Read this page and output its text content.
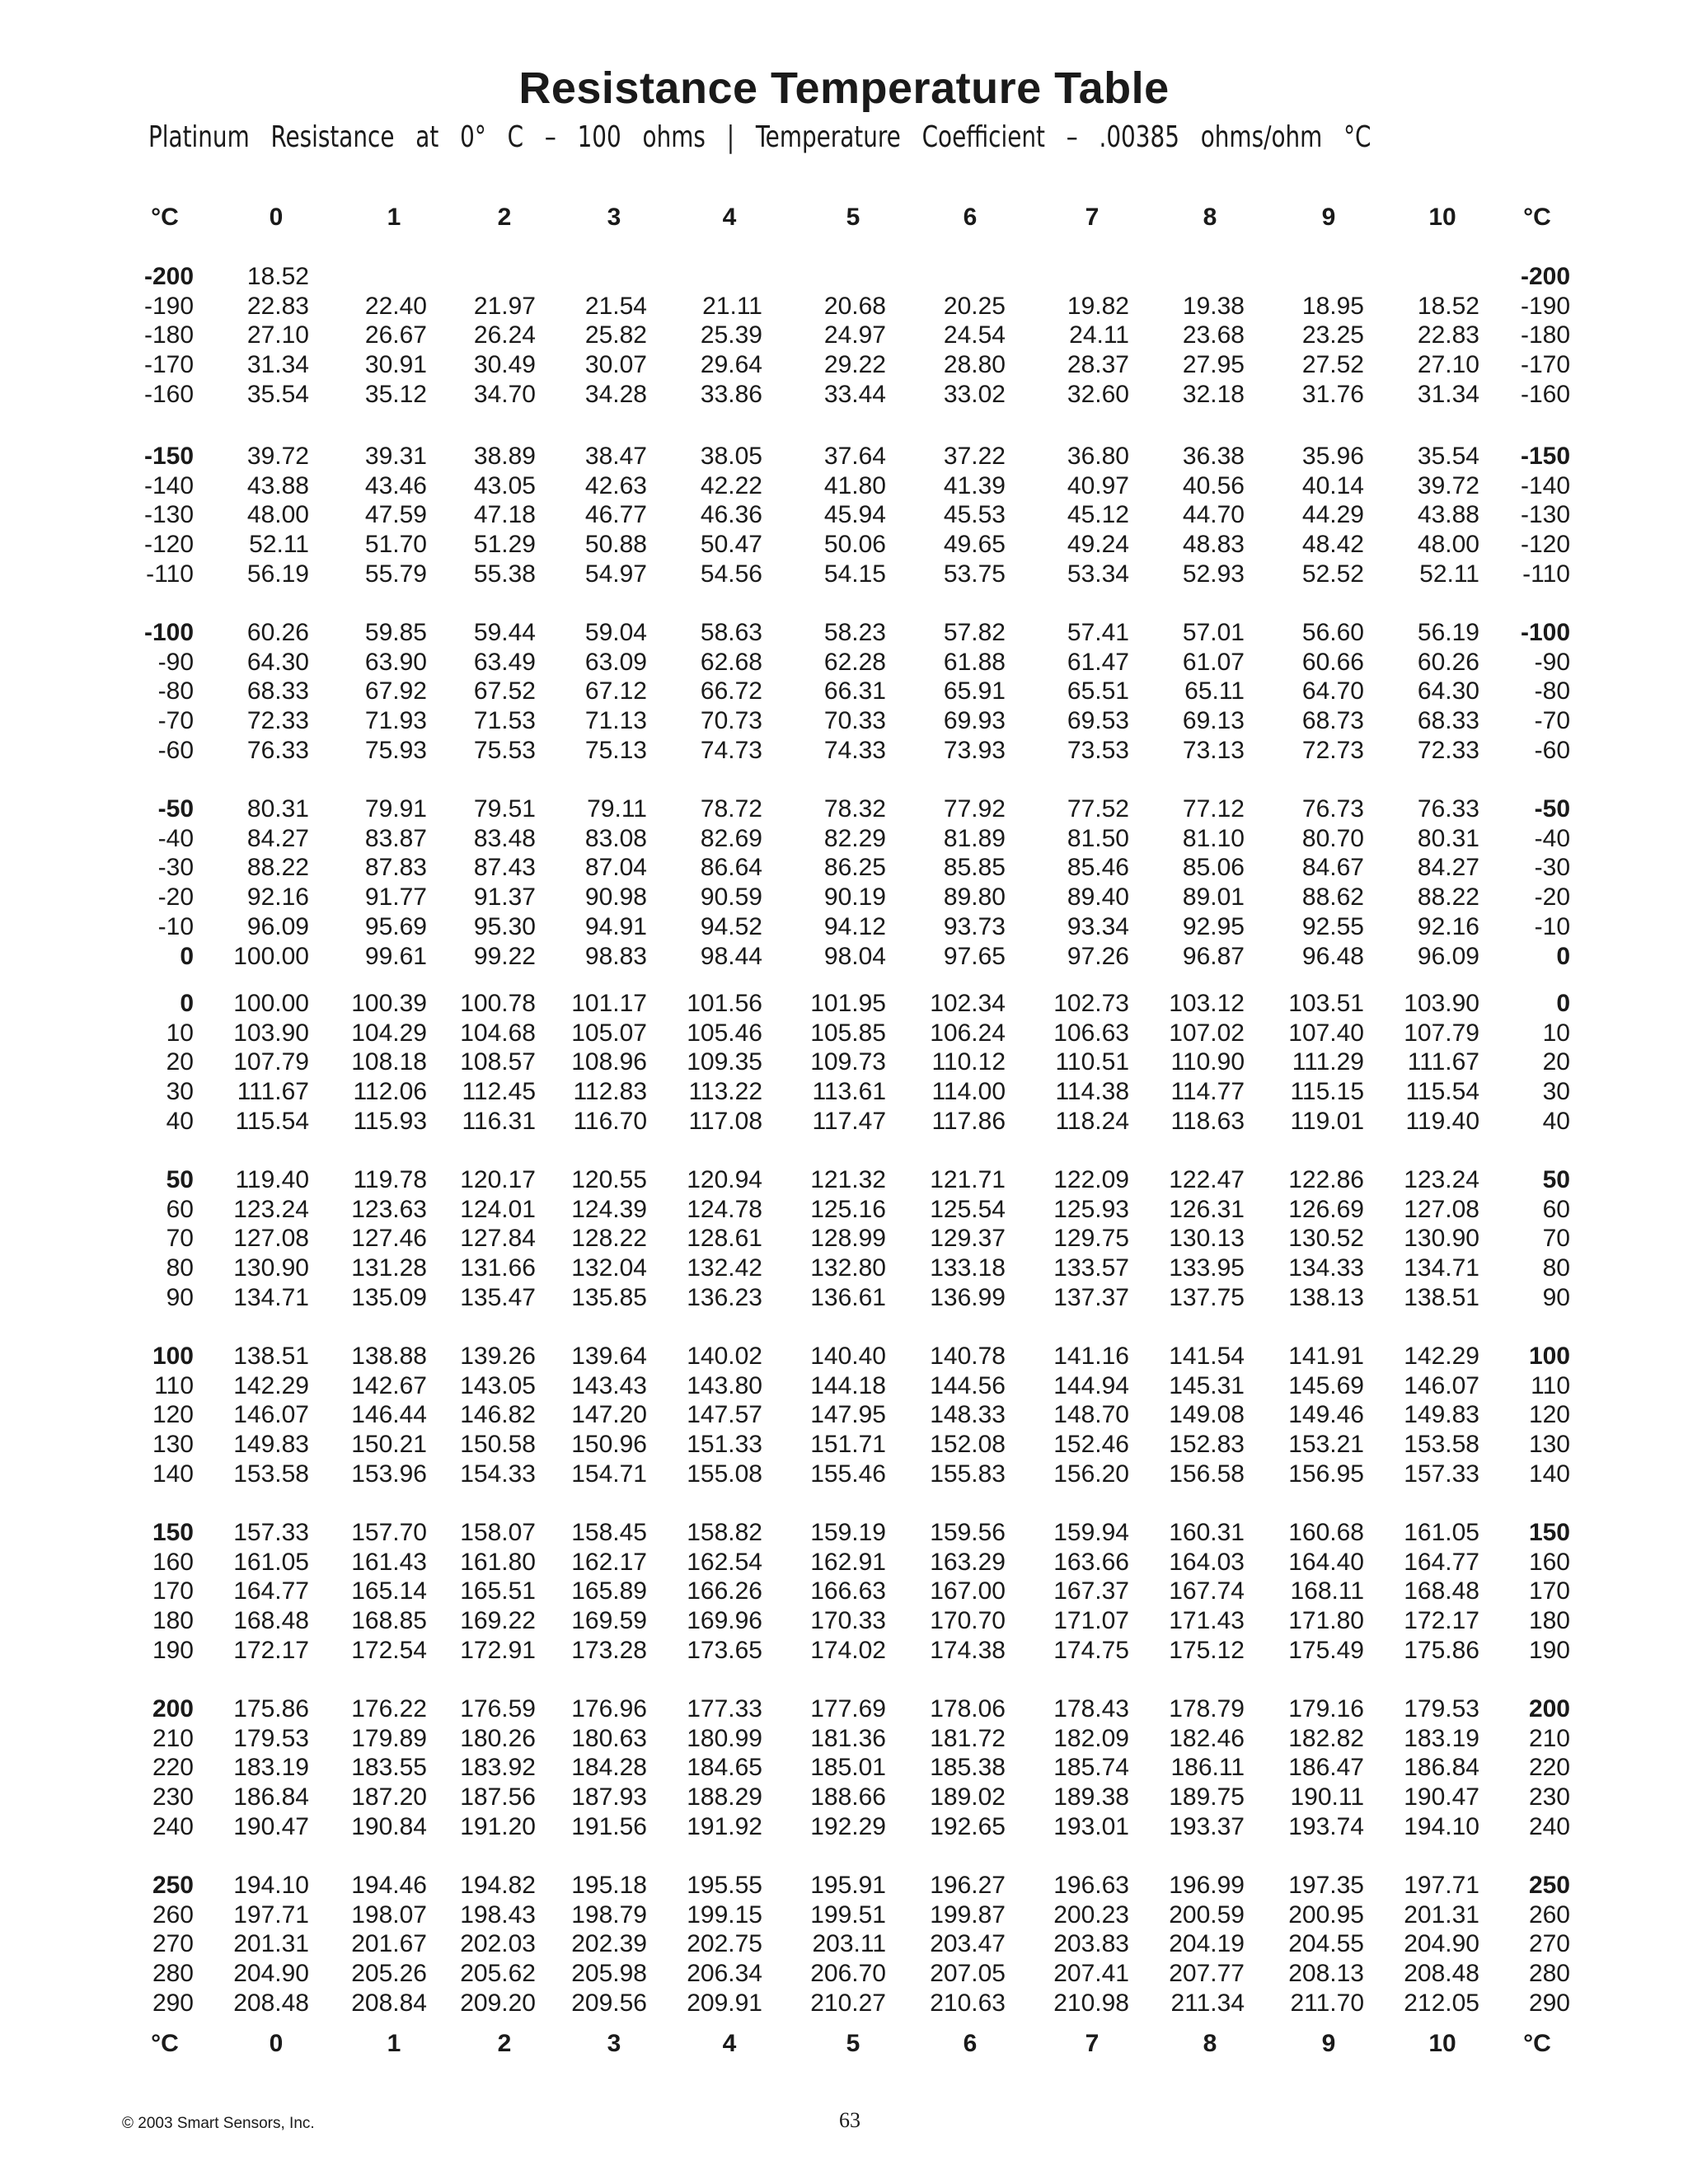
Resistance Temperature Table
Platinum Resistance at 0° C – 100 ohms | Temperature Coefficient – .00385 ohms/ohm °C
°C	0	1	2	3	4	5	6	7	8	9	10	°C
-200 18.52	-200
-190 22.83 22.40 21.97 21.54 21.11 20.68 20.25 19.82 19.38 18.95 18.52 -190
-180 27.10 26.67 26.24 25.82 25.39 24.97 24.54	24.11 23.68 23.25 22.83 -180
-170 31.34 30.91 30.49 30.07 29.64 29.22 28.80 28.37 27.95 27.52 27.10 -170
-160 35.54 35.12 34.70 34.28 33.86 33.44 33.02 32.60 32.18 31.76 31.34 -160
-150 39.72 39.31 38.89 38.47 38.05 37.64 37.22 36.80 36.38 35.96 35.54 -150
-140 43.88 43.46 43.05 42.63 42.22 41.80 41.39 40.97 40.56 40.14 39.72 -140
-130 48.00 47.59 47.18 46.77 46.36 45.94 45.53 45.12 44.70 44.29 43.88 -130
-120 52.11 51.70 51.29 50.88 50.47 50.06 49.65 49.24 48.83 48.42 48.00 -120
-110 56.19 55.79 55.38 54.97 54.56 54.15 53.75 53.34 52.93 52.52 52.11 -110
-100 60.26 59.85 59.44 59.04 58.63 58.23 57.82 57.41 57.01 56.60 56.19 -100
-90 64.30 63.90 63.49 63.09 62.68 62.28 61.88 61.47 61.07 60.66 60.26 -90
-80 68.33 67.92 67.52 67.12 66.72 66.31 65.91 65.51 65.11 64.70 64.30 -80
-70 72.33 71.93 71.53 71.13 70.73 70.33 69.93 69.53 69.13 68.73 68.33 -70
-60 76.33 75.93 75.53 75.13 74.73 74.33 73.93 73.53 73.13 72.73 72.33 -60
-50 80.31 79.91 79.51 79.11 78.72 78.32 77.92 77.52 77.12 76.73 76.33 -50
-40 84.27 83.87 83.48 83.08 82.69 82.29 81.89 81.50 81.10 80.70 80.31 -40
-30 88.22 87.83 87.43 87.04 86.64 86.25 85.85 85.46 85.06 84.67 84.27 -30
-20 92.16 91.77 91.37 90.98 90.59 90.19 89.80 89.40 89.01 88.62 88.22 -20
-10 96.09 95.69 95.30 94.91 94.52 94.12 93.73 93.34 92.95 92.55 92.16 -10
0 100.00 99.61 99.22 98.83 98.44 98.04 97.65 97.26 96.87 96.48 96.09	0
0 100.00 100.39 100.78 101.17 101.56 101.95 102.34 102.73 103.12 103.51 103.90	0
10 103.90 104.29 104.68 105.07 105.46 105.85 106.24 106.63 107.02 107.40 107.79	10
20 107.79 108.18 108.57 108.96 109.35 109.73 110.12 110.51 110.90 111.29 111.67	20
30 111.67 112.06 112.45 112.83 113.22 113.61 114.00 114.38 114.77 115.15 115.54	30
40 115.54 115.93 116.31 116.70 117.08 117.47 117.86 118.24 118.63 119.01 119.40	40
50 119.40 119.78 120.17 120.55 120.94 121.32 121.71 122.09 122.47 122.86 123.24	50
60 123.24 123.63 124.01 124.39 124.78 125.16 125.54 125.93 126.31 126.69 127.08	60
70 127.08 127.46 127.84 128.22 128.61 128.99 129.37 129.75 130.13 130.52 130.90	70
80 130.90 131.28 131.66 132.04 132.42 132.80 133.18 133.57 133.95 134.33 134.71	80
90 134.71 135.09 135.47 135.85 136.23 136.61 136.99 137.37 137.75 138.13 138.51	90
100 138.51 138.88 139.26 139.64 140.02 140.40 140.78 141.16 141.54 141.91 142.29 100
110 142.29 142.67 143.05 143.43 143.80 144.18 144.56 144.94 145.31 145.69 146.07 110
120 146.07 146.44 146.82 147.20 147.57 147.95 148.33 148.70 149.08 149.46 149.83 120
130 149.83 150.21 150.58 150.96 151.33 151.71 152.08 152.46 152.83 153.21 153.58 130
140 153.58 153.96 154.33 154.71 155.08 155.46 155.83 156.20 156.58 156.95 157.33 140
150 157.33 157.70 158.07 158.45 158.82 159.19 159.56 159.94 160.31 160.68 161.05 150
160 161.05 161.43 161.80 162.17 162.54 162.91 163.29 163.66 164.03 164.40 164.77 160
170 164.77 165.14 165.51 165.89 166.26 166.63 167.00 167.37 167.74 168.11 168.48 170
180 168.48 168.85 169.22 169.59 169.96 170.33 170.70 171.07 171.43 171.80 172.17 180
190 172.17 172.54 172.91 173.28 173.65 174.02 174.38 174.75 175.12 175.49 175.86 190
200 175.86 176.22 176.59 176.96 177.33 177.69 178.06 178.43 178.79 179.16 179.53 200
210 179.53 179.89 180.26 180.63 180.99 181.36 181.72 182.09 182.46 182.82 183.19 210
220 183.19 183.55 183.92 184.28 184.65 185.01 185.38 185.74 186.11 186.47 186.84 220
230 186.84 187.20 187.56 187.93 188.29 188.66 189.02 189.38 189.75 190.11 190.47 230
240 190.47 190.84 191.20 191.56 191.92 192.29 192.65 193.01 193.37 193.74 194.10 240
250 194.10 194.46 194.82 195.18 195.55 195.91 196.27 196.63 196.99 197.35 197.71 250
260 197.71 198.07 198.43 198.79 199.15 199.51 199.87 200.23 200.59 200.95 201.31 260
270 201.31 201.67 202.03 202.39 202.75 203.11 203.47 203.83 204.19 204.55 204.90 270
280 204.90 205.26 205.62 205.98 206.34 206.70 207.05 207.41 207.77 208.13 208.48 280
290 208.48 208.84 209.20 209.56 209.91 210.27 210.63 210.98 211.34 211.70 212.05 290
°C	0	1	2	3	4	5	6	7	8	9	10	°C
© 2003 Smart Sensors, Inc.	63
